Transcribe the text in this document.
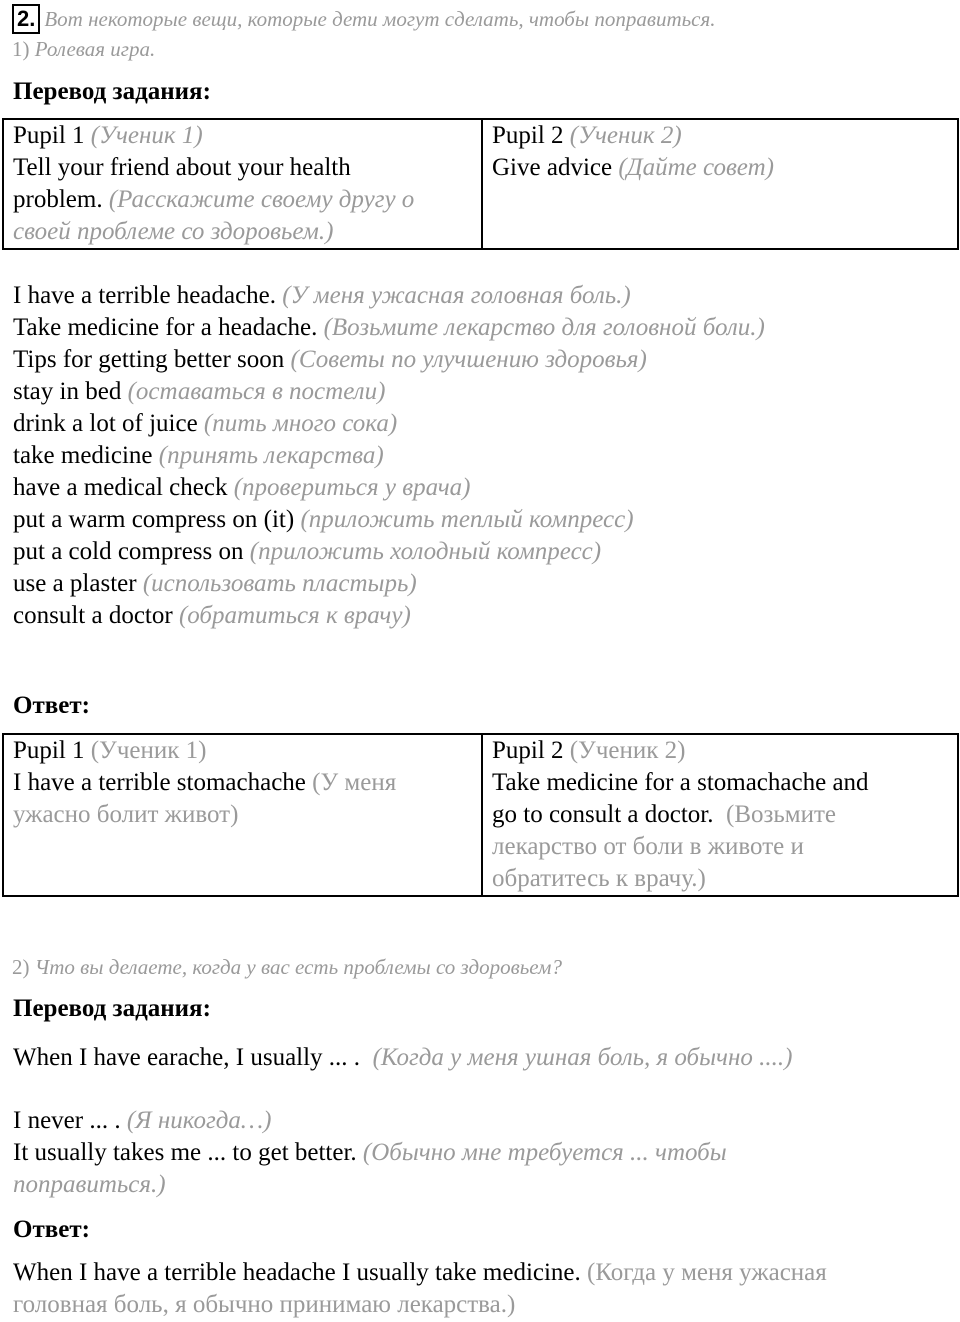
2. Вот некоторые вещи, которые дети могут сделать, чтобы поправиться.
1) Ролевая игра.
Перевод задания:
Pupil 1 (Ученик 1)
Tell your friend about your health
problem. (Расскажите своему другу о
своей проблеме со здоровьем.)

Pupil 2 (Ученик 2)
Give advice (Дайте совет)
I have a terrible headache. (У меня ужасная головная боль.)
Take medicine for a headache. (Возьмите лекарство для головной боли.)
Tips for getting better soon (Советы по улучшению здоровья)
stay in bed (оставаться в постели)
drink a lot of juice (пить много сока)
take medicine (принять лекарства)
have a medical check (провериться у врача)
put a warm compress on (it) (приложить теплый компресс)
put a cold compress on (приложить холодный компресс)
use a plaster (использовать пластырь)
consult a doctor (обратиться к врачу)
Ответ:
Pupil 1 (Ученик 1)
I have a terrible stomachache (У меня
ужасно болит живот)

Pupil 2 (Ученик 2)
Take medicine for a stomachache and
go to consult a doctor. (Возьмите
лекарство от боли в животе и
обратитесь к врачу.)
2) Что вы делаете, когда у вас есть проблемы со здоровьем?
Перевод задания:
When I have earache, I usually ... . (Когда у меня ушная боль, я обычно ....)
I never ... . (Я никогда…)
It usually takes me ... to get better. (Обычно мне требуется ... чтобы
поправиться.)
Ответ:
When I have a terrible headache I usually take medicine. (Когда у меня ужасная
головная боль, я обычно принимаю лекарства.)
